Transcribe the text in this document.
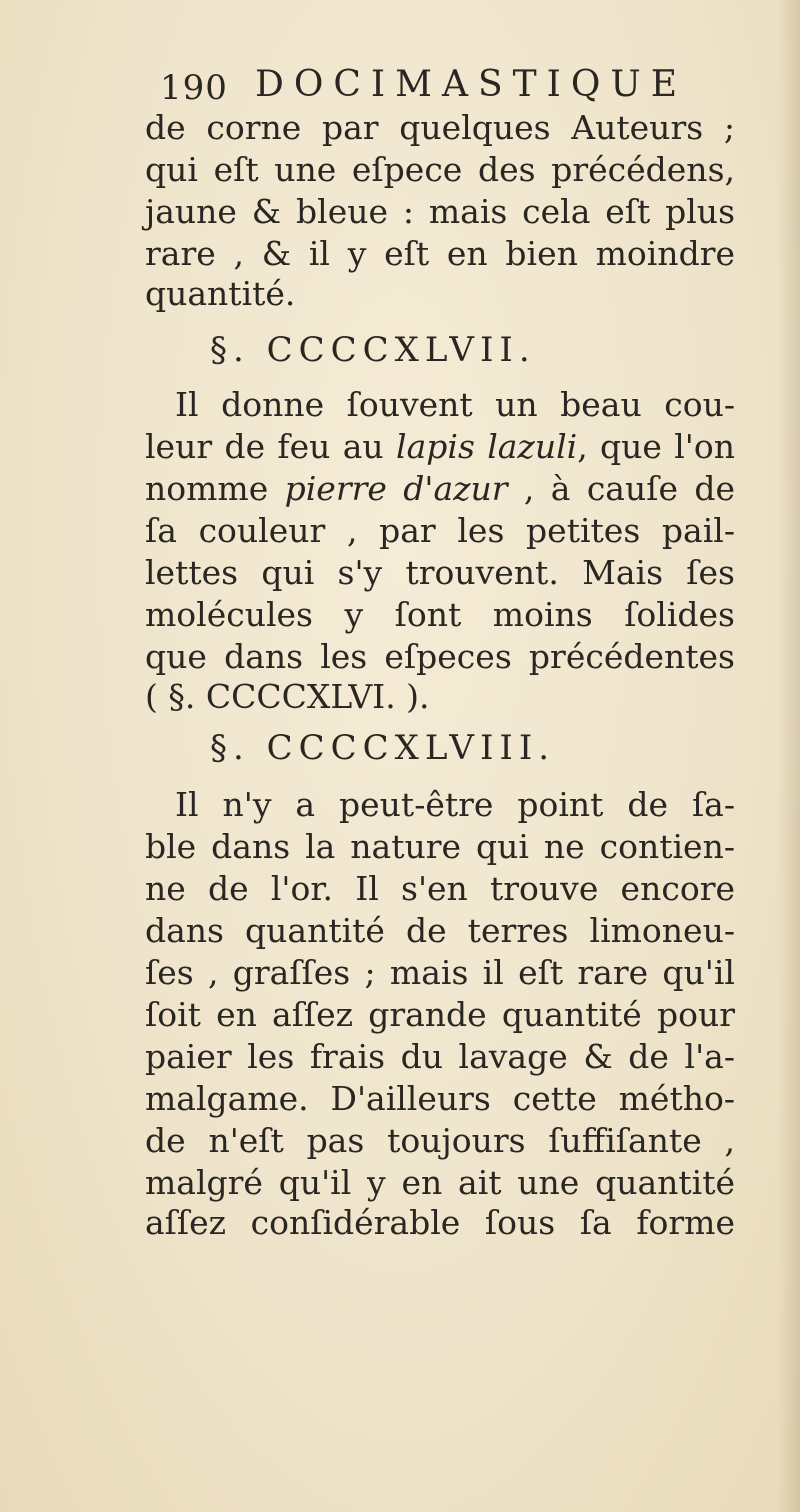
190 DOCIMASTIQUE
de corne par quelques Auteurs ;
qui eſt une eſpece des précédens,
jaune & bleue : mais cela eſt plus
rare , & il y eſt en bien moindre
quantité.
§. CCCCXLVII.
Il donne ſouvent un beau cou-
leur de feu au lapis lazuli, que l'on
nomme pierre d'azur , à cauſe de
ſa couleur , par les petites pail-
lettes qui s'y trouvent. Mais ſes
molécules y ſont moins ſolides
que dans les eſpeces précédentes
( §. CCCCXLVI. ).
§. CCCCXLVIII.
Il n'y a peut-être point de ſa-
ble dans la nature qui ne contien-
ne de l'or. Il s'en trouve encore
dans quantité de terres limoneu-
ſes , graſſes ; mais il eſt rare qu'il
ſoit en aſſez grande quantité pour
paier les frais du lavage & de l'a-
malgame. D'ailleurs cette métho-
de n'eſt pas toujours ſuffiſante ,
malgré qu'il y en ait une quantité
aſſez conſidérable ſous ſa forme
